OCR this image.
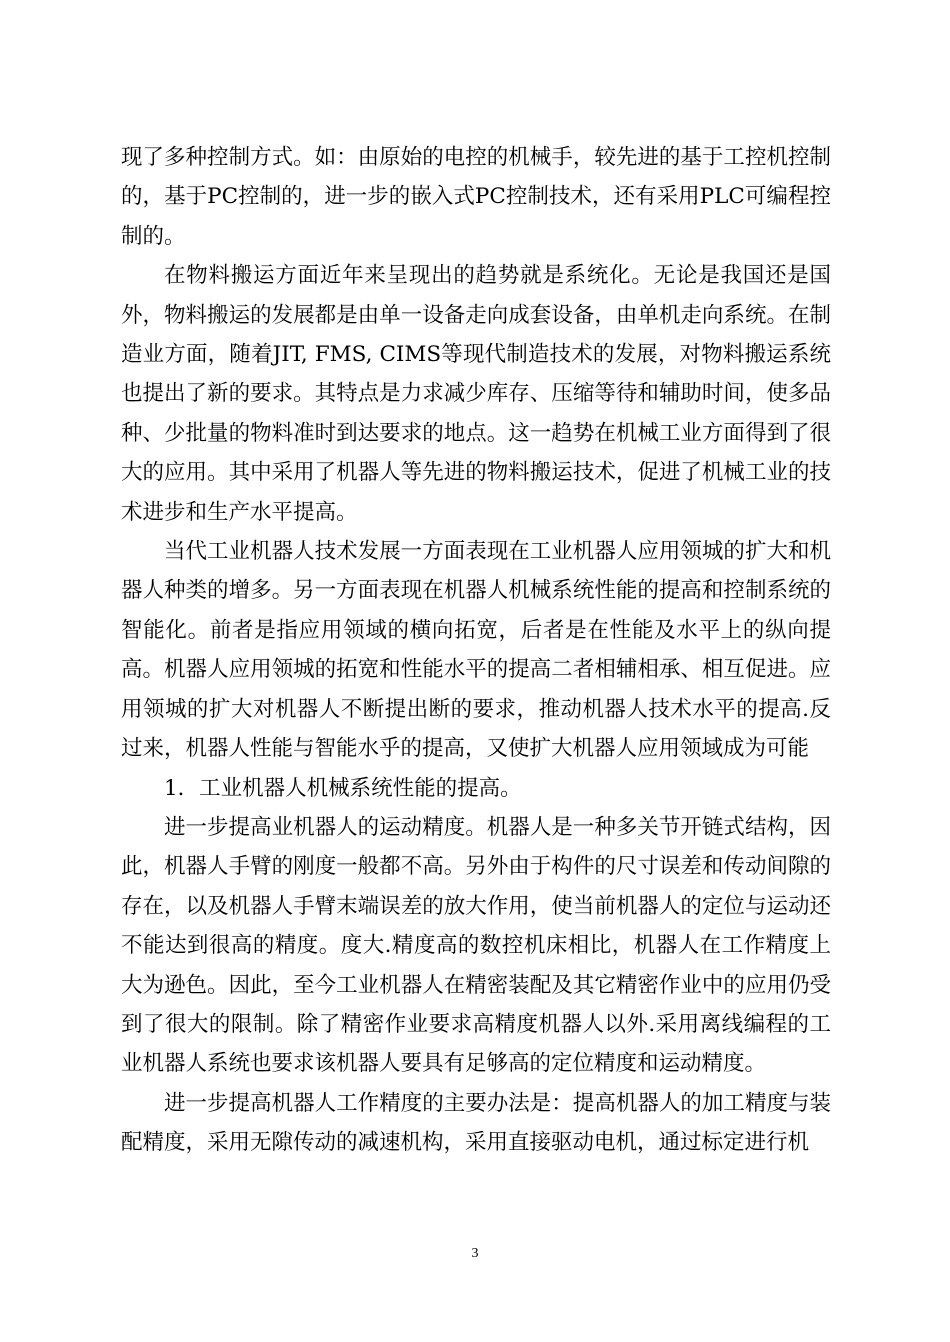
现了多种控制方式。如：由原始的电控的机械手，较先进的基于工控机控制的，基于PC控制的，进一步的嵌入式PC控制技术，还有采用PLC可编程控制的。

在物料搬运方面近年来呈现出的趋势就是系统化。无论是我国还是国外，物料搬运的发展都是由单一设备走向成套设备，由单机走向系统。在制造业方面，随着JIT, FMS, CIMS等现代制造技术的发展，对物料搬运系统也提出了新的要求。其特点是力求减少库存、压缩等待和辅助时间，使多品种、少批量的物料准时到达要求的地点。这一趋势在机械工业方面得到了很大的应用。其中采用了机器人等先进的物料搬运技术，促进了机械工业的技术进步和生产水平提高。

当代工业机器人技术发展一方面表现在工业机器人应用领城的扩大和机器人种类的增多。另一方面表现在机器人机械系统性能的提高和控制系统的智能化。前者是指应用领域的横向拓宽，后者是在性能及水平上的纵向提高。机器人应用领城的拓宽和性能水平的提高二者相辅相承、相互促进。应用领城的扩大对机器人不断提出断的要求，推动机器人技术水平的提高.反过来，机器人性能与智能水乎的提高，又使扩大机器人应用领域成为可能

1．工业机器人机械系统性能的提高。

进一步提高业机器人的运动精度。机器人是一种多关节开链式结构，因此，机器人手臂的刚度一般都不高。另外由于构件的尺寸误差和传动间隙的存在，以及机器人手臂末端误差的放大作用，使当前机器人的定位与运动还不能达到很高的精度。度大.精度高的数控机床相比，机器人在工作精度上大为逊色。因此，至今工业机器人在精密装配及其它精密作业中的应用仍受到了很大的限制。除了精密作业要求高精度机器人以外.采用离线编程的工业机器人系统也要求该机器人要具有足够高的定位精度和运动精度。

进一步提高机器人工作精度的主要办法是：提高机器人的加工精度与装配精度，采用无隙传动的减速机构，采用直接驱动电机，通过标定进行机

3
